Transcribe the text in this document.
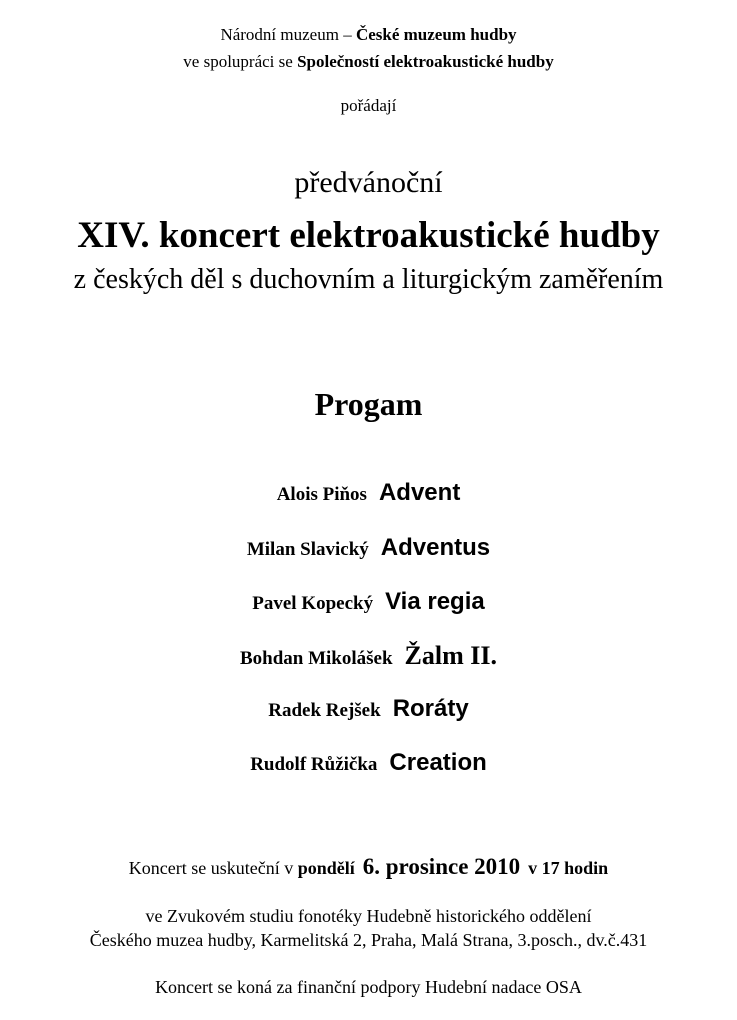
Národní muzeum – České muzeum hudby
ve spolupráci se Společností elektroakustické hudby
pořádají
předvánoční
XIV. koncert elektroakustické hudby
z českých děl s duchovním a liturgickým zaměřením
Progam
Alois Piňos Advent
Milan Slavický Adventus
Pavel Kopecký Via regia
Bohdan Mikolášek Žalm II.
Radek Rejšek Roráty
Rudolf Růžička Creation
Koncert se uskuteční v pondělí 6. prosince 2010 v 17 hodin
ve Zvukovém studiu fonotéky Hudebně historického oddělení
Českého muzea hudby, Karmelitská 2, Praha, Malá Strana, 3.posch., dv.č.431
Koncert se koná za finanční podpory Hudební nadace OSA
